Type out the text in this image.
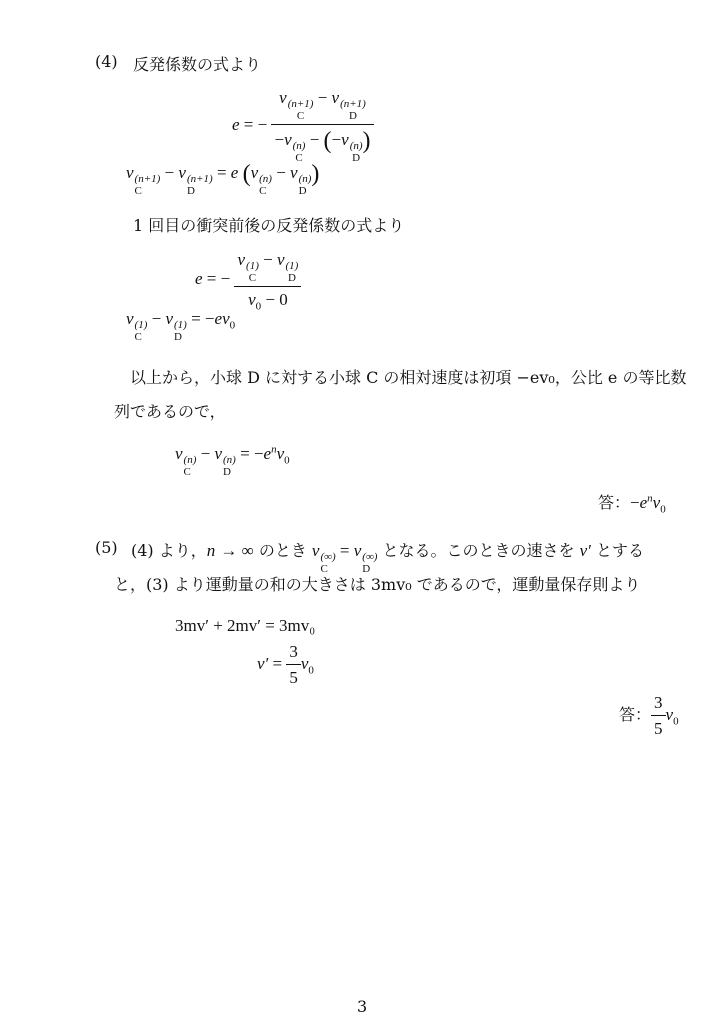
(4) 反発係数の式より
e = − v (n+1)
C
− v (n+1)
D
−v (n)
C
− (−v (n)
D
)
v (n+1)
C
− v (n+1)
D
= e (v (n)
C
− v (n)
D
)
1 回目の衝突前後の反発係数の式より
e = − v (1)
C
− v (1)
D
$v_0 - 0$
v (1)
C
− v (1)
D
= $-ev_0$
以上から，小球 D に対する小球 C の相対速度は初項 −ev₀，公比 e の等比数
列であるので，
v (n)
C
− v (n)
D
= $-e^nv_0$
答：$-e^nv_0$
(5) (4) より，n → ∞ のとき v (∞)
C
= v (∞)
D
となる。このときの速さを v′ とする
と，(3) より運動量の和の大きさは 3mv₀ であるので，運動量保存則より
3mv′ + 2mv′ = 3mv₀
$v' = \frac{3}{5} v_0$
答： $\frac{3}{5} v_0$
3
